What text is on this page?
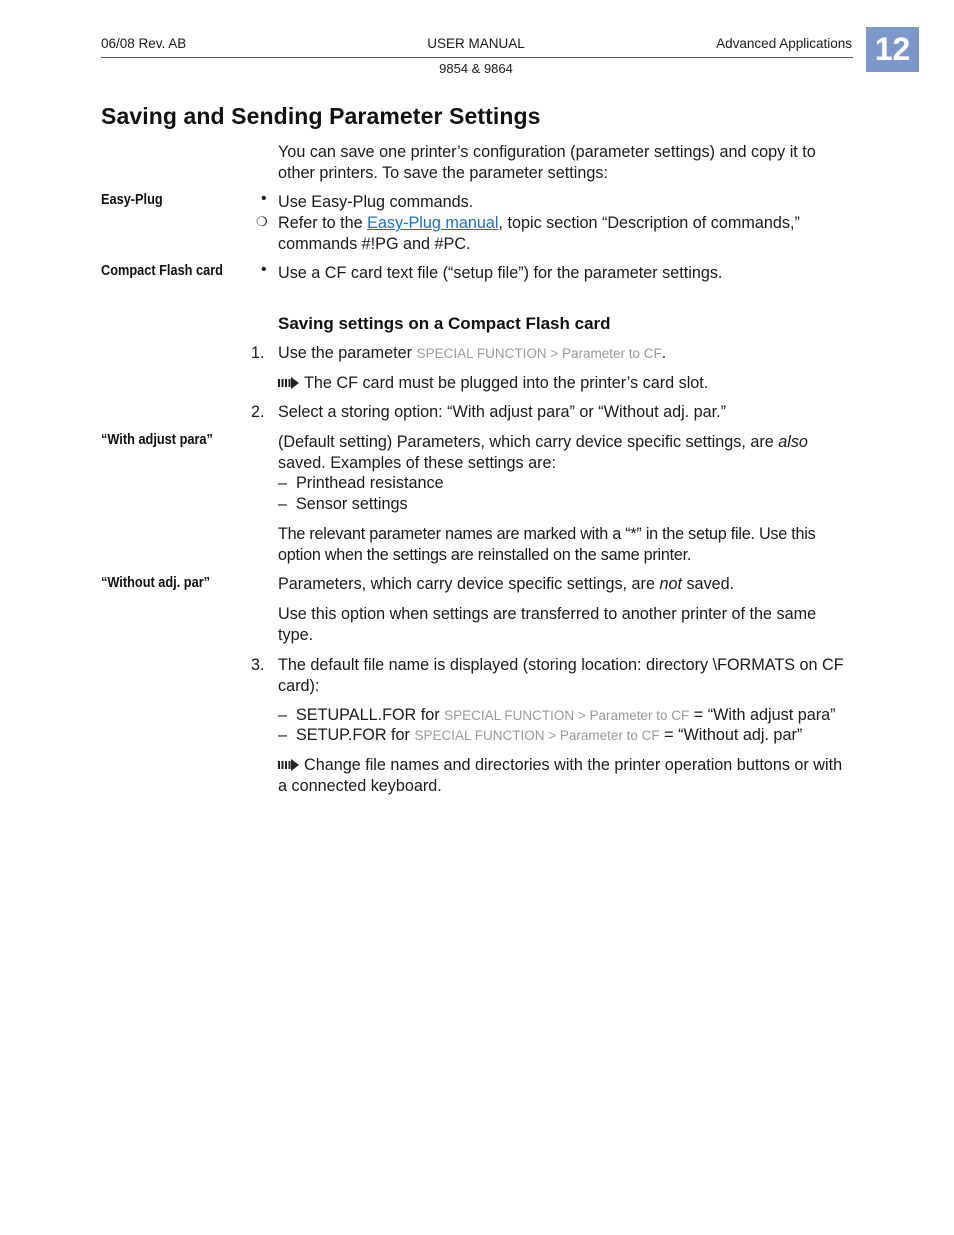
06/08 Rev. AB	USER MANUAL
9854 & 9864
Advanced Applications 12
Saving and Sending Parameter Settings
You can save one printer’s configuration (parameter settings) and copy it to other printers. To save the parameter settings:
Easy-Plug	• Use Easy-Plug commands.
❍ Refer to the Easy-Plug manual, topic section “Description of commands,” commands #!PG and #PC.
Compact Flash card • Use a CF card text file (“setup file”) for the parameter settings.
Saving settings on a Compact Flash card
1. Use the parameter SPECIAL FUNCTION > Parameter to CF.
The CF card must be plugged into the printer’s card slot.
2. Select a storing option: “With adjust para” or “Without adj. par.”
“With adjust para”	(Default setting) Parameters, which carry device specific settings, are also saved. Examples of these settings are:
– Printhead resistance
– Sensor settings
The relevant parameter names are marked with a “*” in the setup file. Use this option when the settings are reinstalled on the same printer.
“Without adj. par”	Parameters, which carry device specific settings, are not saved.
Use this option when settings are transferred to another printer of the same type.
3. The default file name is displayed (storing location: directory \FORMATS on CF card):
– SETUPALL.FOR for SPECIAL FUNCTION > Parameter to CF = “With adjust para”
– SETUP.FOR for SPECIAL FUNCTION > Parameter to CF = “Without adj. par”
Change file names and directories with the printer operation buttons or with a connected keyboard.
